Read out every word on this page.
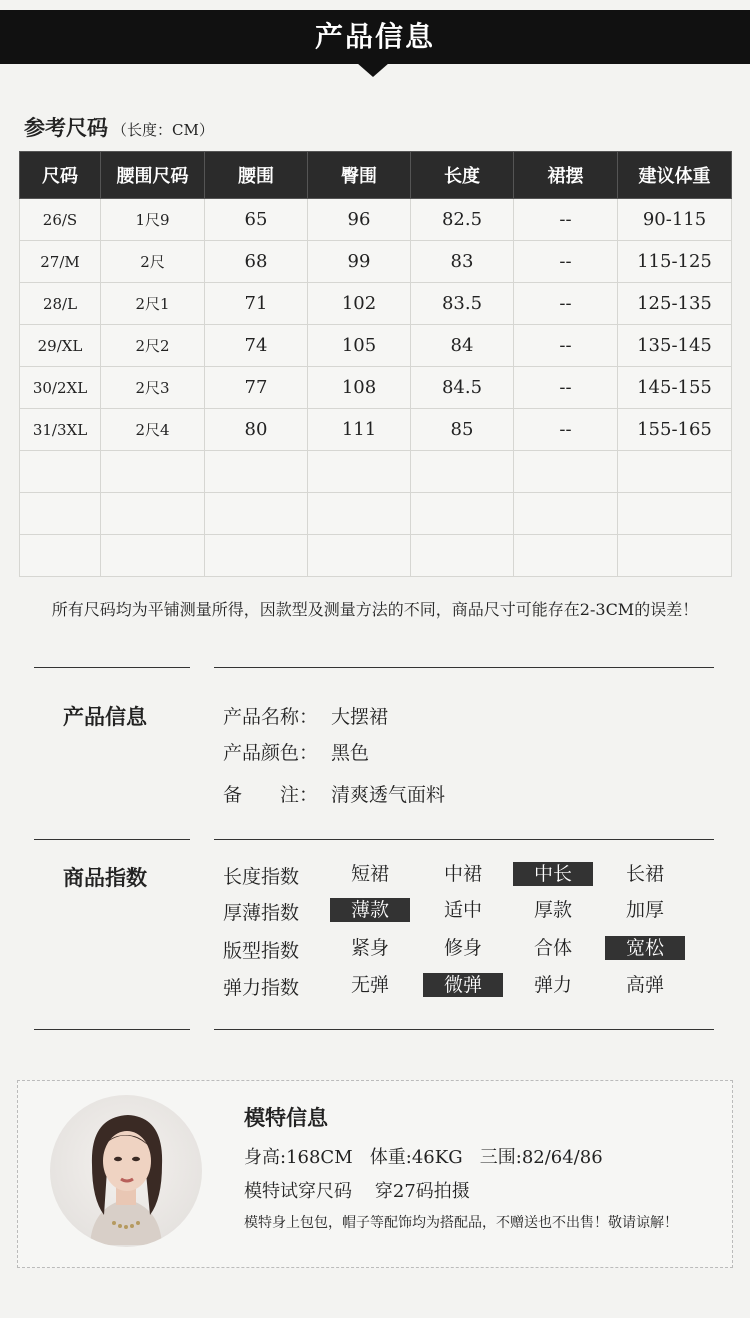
产品信息
参考尺码 （长度：CM）
尺码	腰围尺码	腰围	臀围	长度	裙摆	建议体重
26/S	1尺9	65	96	82.5	--	90-115
27/M	2尺	68	99	83	--	115-125
28/L	2尺1	71	102	83.5	--	125-135
29/XL	2尺2	74	105	84	--	135-145
30/2XL	2尺3	77	108	84.5	--	145-155
31/3XL	2尺4	80	111	85	--	155-165

所有尺码均为平铺测量所得，因款型及测量方法的不同，商品尺寸可能存在2-3CM的误差！
产品信息	产品名称： 大摆裙
产品颜色： 黑色
备　　注： 清爽透气面料
商品指数	长度指数	短裙	中裙	中长	长裙
厚薄指数	薄款	适中	厚款	加厚
版型指数	紧身	修身	合体	宽松
弹力指数	无弹	微弹	弹力	高弹
模特信息
身高:168CM   体重:46KG   三围:82/64/86
模特试穿尺码    穿27码拍摄
模特身上包包，帽子等配饰均为搭配品，不赠送也不出售！敬请谅解！
